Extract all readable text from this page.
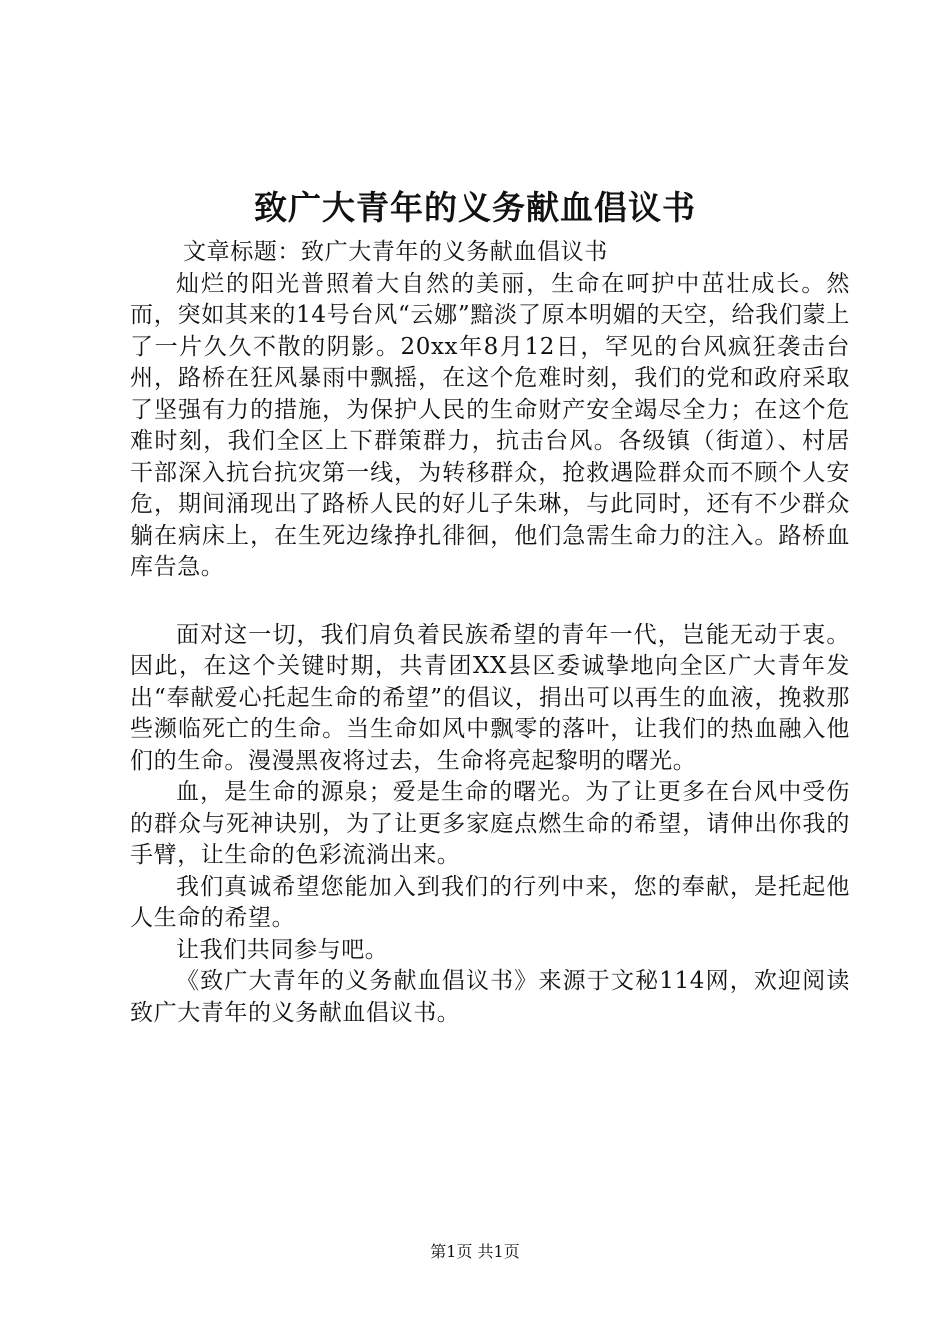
致广大青年的义务献血倡议书

文章标题：致广大青年的义务献血倡议书

灿烂的阳光普照着大自然的美丽，生命在呵护中茁壮成长。然而，突如其来的14号台风“云娜”黯淡了原本明媚的天空，给我们蒙上了一片久久不散的阴影。20xx年8月12日，罕见的台风疯狂袭击台州，路桥在狂风暴雨中飘摇，在这个危难时刻，我们的党和政府采取了坚强有力的措施，为保护人民的生命财产安全竭尽全力；在这个危难时刻，我们全区上下群策群力，抗击台风。各级镇（街道）、村居干部深入抗台抗灾第一线，为转移群众，抢救遇险群众而不顾个人安危，期间涌现出了路桥人民的好儿子朱琳，与此同时，还有不少群众躺在病床上，在生死边缘挣扎徘徊，他们急需生命力的注入。路桥血库告急。

面对这一切，我们肩负着民族希望的青年一代，岂能无动于衷。因此，在这个关键时期，共青团XX县区委诚挚地向全区广大青年发出“奉献爱心托起生命的希望”的倡议，捐出可以再生的血液，挽救那些濒临死亡的生命。当生命如风中飘零的落叶，让我们的热血融入他们的生命。漫漫黑夜将过去，生命将亮起黎明的曙光。

血，是生命的源泉；爱是生命的曙光。为了让更多在台风中受伤的群众与死神诀别，为了让更多家庭点燃生命的希望，请伸出你我的手臂，让生命的色彩流淌出来。

我们真诚希望您能加入到我们的行列中来，您的奉献，是托起他人生命的希望。

让我们共同参与吧。

《致广大青年的义务献血倡议书》来源于文秘114网，欢迎阅读致广大青年的义务献血倡议书。

第1页 共1页
